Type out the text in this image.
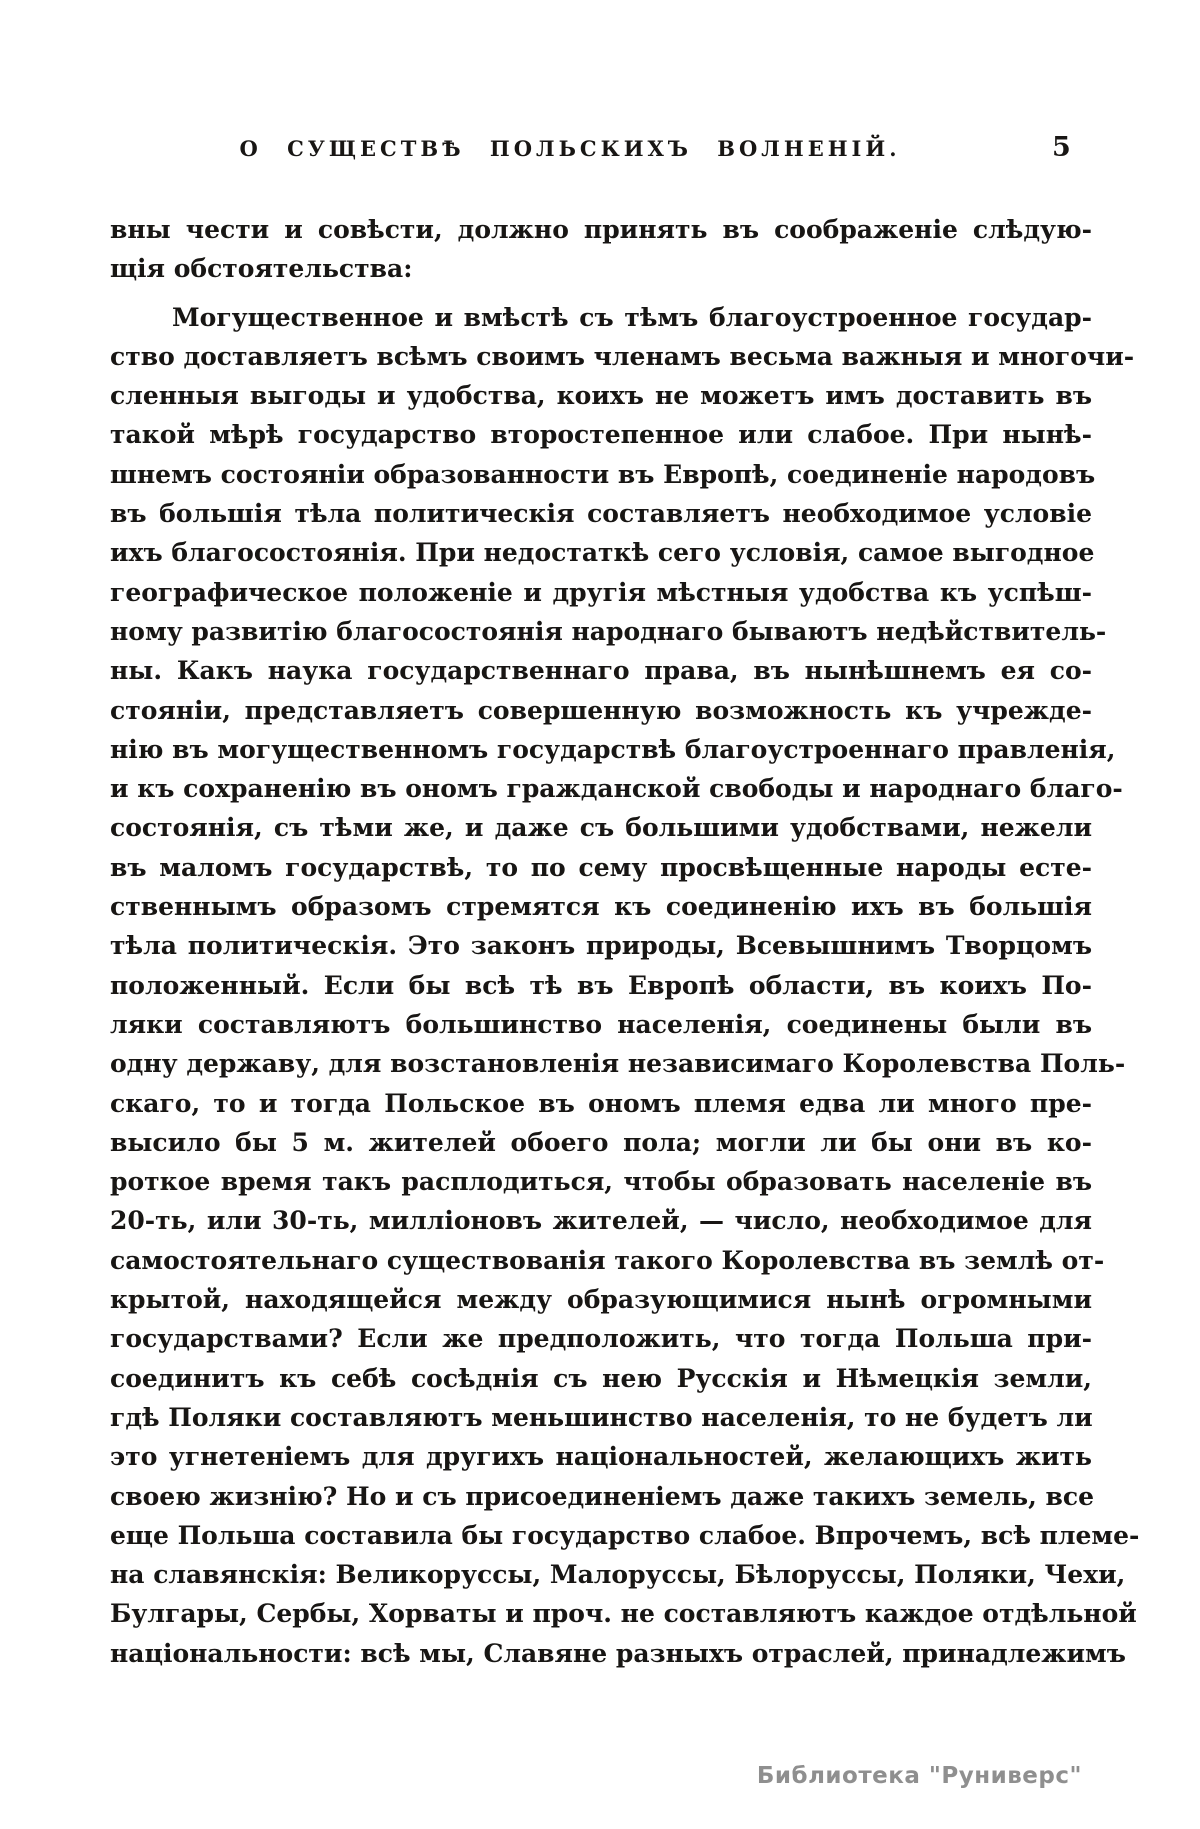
О СУЩЕСТВѢ ПОЛЬСКИХЪ ВОЛНЕНІЙ.	5
вны чести и совѣсти, должно принять въ соображеніе слѣдую-
щія обстоятельства:
Могущественное и вмѣстѣ съ тѣмъ благоустроенное государ-
ство доставляетъ всѣмъ своимъ членамъ весьма важныя и многочи-
сленныя выгоды и удобства, коихъ не можетъ имъ доставить въ
такой мѣрѣ государство второстепенное или слабое. При нынѣ-
шнемъ состояніи образованности въ Европѣ, соединеніе народовъ
въ большія тѣла политическія составляетъ необходимое условіе
ихъ благосостоянія. При недостаткѣ сего условія, самое выгодное
географическое положеніе и другія мѣстныя удобства къ успѣш-
ному развитію благосостоянія народнаго бываютъ недѣйствитель-
ны. Какъ наука государственнаго права, въ нынѣшнемъ ея со-
стояніи, представляетъ совершенную возможность къ учрежде-
нію въ могущественномъ государствѣ благоустроеннаго правленія,
и къ сохраненію въ ономъ гражданской свободы и народнаго благо-
состоянія, съ тѣми же, и даже съ большими удобствами, нежели
въ маломъ государствѣ, то по сему просвѣщенные народы есте-
ственнымъ образомъ стремятся къ соединенію ихъ въ большія
тѣла политическія. Это законъ природы, Всевышнимъ Творцомъ
положенный. Если бы всѣ тѣ въ Европѣ области, въ коихъ По-
ляки составляютъ большинство населенія, соединены были въ
одну державу, для возстановленія независимаго Королевства Поль-
скаго, то и тогда Польское въ ономъ племя едва ли много пре-
высило бы 5 м. жителей обоего пола; могли ли бы они въ ко-
роткое время такъ расплодиться, чтобы образовать населеніе въ
20-ть, или 30-ть, милліоновъ жителей, — число, необходимое для
самостоятельнаго существованія такого Королевства въ землѣ от-
крытой, находящейся между образующимися нынѣ огромными
государствами? Если же предположить, что тогда Польша при-
соединитъ къ себѣ сосѣднія съ нею Русскія и Нѣмецкія земли,
гдѣ Поляки составляютъ меньшинство населенія, то не будетъ ли
это угнетеніемъ для другихъ національностей, желающихъ жить
своею жизнію? Но и съ присоединеніемъ даже такихъ земель, все
еще Польша составила бы государство слабое. Впрочемъ, всѣ племе-
на славянскія: Великоруссы, Малоруссы, Бѣлоруссы, Поляки, Чехи,
Булгары, Сербы, Хорваты и проч. не составляютъ каждое отдѣльной
національности: всѣ мы, Славяне разныхъ отраслей, принадлежимъ
Библиотека "Руниверс"
